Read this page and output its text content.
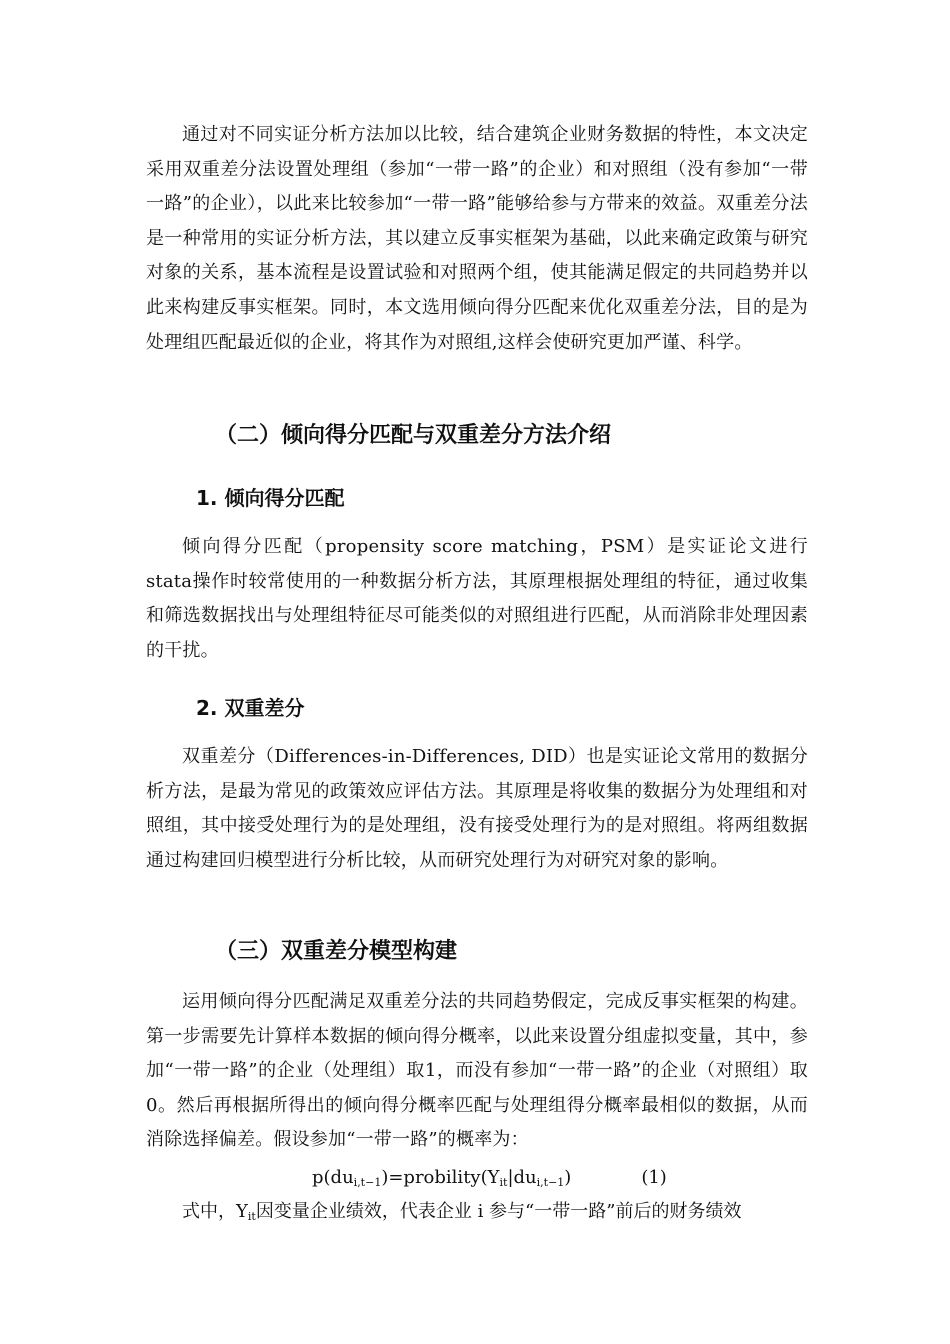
通过对不同实证分析方法加以比较，结合建筑企业财务数据的特性，本文决定采用双重差分法设置处理组（参加“一带一路”的企业）和对照组（没有参加“一带一路”的企业），以此来比较参加“一带一路”能够给参与方带来的效益。双重差分法是一种常用的实证分析方法，其以建立反事实框架为基础，以此来确定政策与研究对象的关系，基本流程是设置试验和对照两个组，使其能满足假定的共同趋势并以此来构建反事实框架。同时，本文选用倾向得分匹配来优化双重差分法，目的是为处理组匹配最近似的企业，将其作为对照组,这样会使研究更加严谨、科学。
（二）倾向得分匹配与双重差分方法介绍
1. 倾向得分匹配
倾向得分匹配（propensity score matching，PSM）是实证论文进行stata操作时较常使用的一种数据分析方法，其原理根据处理组的特征，通过收集和筛选数据找出与处理组特征尽可能类似的对照组进行匹配，从而消除非处理因素的干扰。
2. 双重差分
双重差分（Differences-in-Differences, DID）也是实证论文常用的数据分析方法，是最为常见的政策效应评估方法。其原理是将收集的数据分为处理组和对照组，其中接受处理行为的是处理组，没有接受处理行为的是对照组。将两组数据通过构建回归模型进行分析比较，从而研究处理行为对研究对象的影响。
（三）双重差分模型构建
运用倾向得分匹配满足双重差分法的共同趋势假定，完成反事实框架的构建。第一步需要先计算样本数据的倾向得分概率，以此来设置分组虚拟变量，其中，参加“一带一路”的企业（处理组）取1，而没有参加“一带一路”的企业（对照组）取0。然后再根据所得出的倾向得分概率匹配与处理组得分概率最相似的数据，从而消除选择偏差。假设参加“一带一路”的概率为：
$p(du_{i,t-1})=probility(Y_{it}|du_{i,t-1})$	(1)
式中，$Y_{it}$因变量企业绩效，代表企业 i 参与“一带一路”前后的财务绩效
